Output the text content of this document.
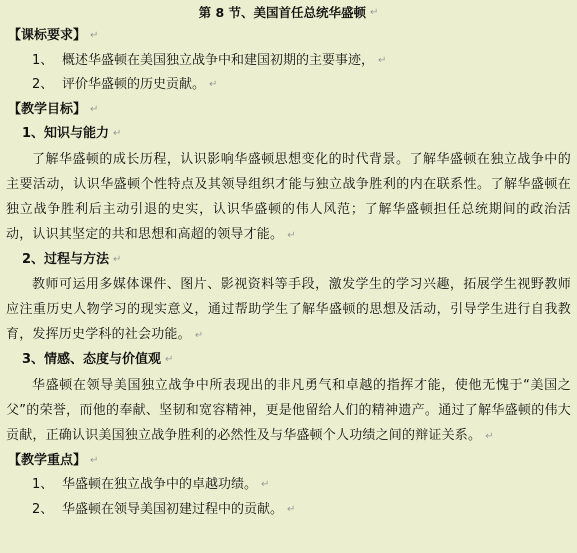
第 8 节、美国首任总统华盛顿 ↵
【课标要求】 ↵
1、 概述华盛顿在美国独立战争中和建国初期的主要事迹， ↵
2、 评价华盛顿的历史贡献。 ↵
【教学目标】 ↵
1、知识与能力 ↵
了解华盛顿的成长历程，认识影响华盛顿思想变化的时代背景。了解华盛顿在独立战争中的主要活动，认识华盛顿个性特点及其领导组织才能与独立战争胜利的内在联系性。了解华盛顿在独立战争胜利后主动引退的史实，认识华盛顿的伟人风范；了解华盛顿担任总统期间的政治活动，认识其坚定的共和思想和高超的领导才能。 ↵
2、过程与方法 ↵
教师可运用多媒体课件、图片、影视资料等手段，激发学生的学习兴趣，拓展学生视野教师应注重历史人物学习的现实意义，通过帮助学生了解华盛顿的思想及活动，引导学生进行自我教育，发挥历史学科的社会功能。 ↵
3、情感、态度与价值观 ↵
华盛顿在领导美国独立战争中所表现出的非凡勇气和卓越的指挥才能，使他无愧于“美国之父”的荣誉，而他的奉献、坚韧和宽容精神，更是他留给人们的精神遗产。通过了解华盛顿的伟大贡献，正确认识美国独立战争胜利的必然性及与华盛顿个人功绩之间的辩证关系。 ↵
【教学重点】 ↵
1、 华盛顿在独立战争中的卓越功绩。 ↵
2、 华盛顿在领导美国初建过程中的贡献。 ↵
